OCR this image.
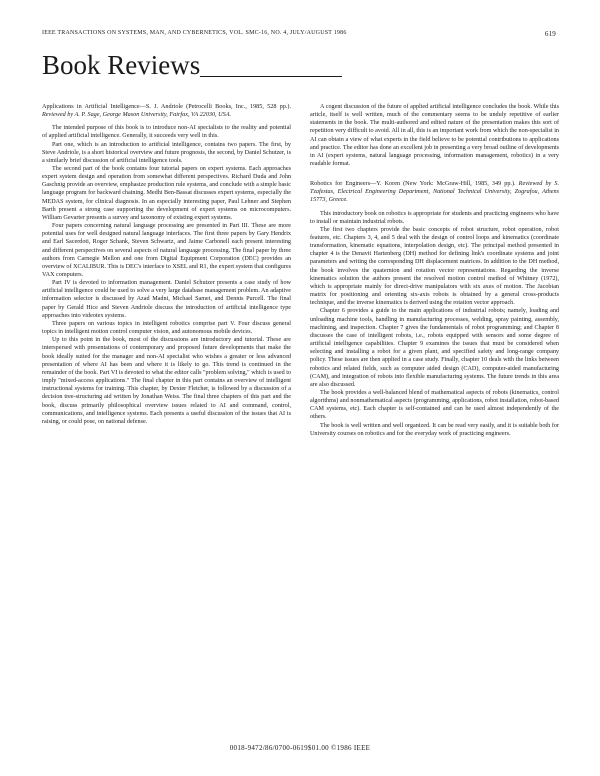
IEEE TRANSACTIONS ON SYSTEMS, MAN, AND CYBERNETICS, VOL. SMC-16, NO. 4, JULY/AUGUST 1986	619
Book Reviews
Applications in Artificial Intelligence—S. J. Andriole (Petrocelli Books, Inc., 1985, 528 pp.). Reviewed by A. P. Sage, George Mason University, Fairfax, VA 22030, USA.

The intended purpose of this book is to introduce non-AI specialists to the reality and potential of applied artificial intelligence. Generally, it succeeds very well in this.

Part one, which is an introduction to artificial intelligence, contains two papers. The first, by Steve Andriole, is a short historical overview and future prognosis, the second, by Daniel Schutzer, is a similarly brief discussion of artificial intelligence tools.

The second part of the book contains four tutorial papers on expert systems. Each approaches expert system design and operation from somewhat different perspectives. Richard Duda and John Gaschnig provide an overview, emphasize production rule systems, and conclude with a simple basic language program for backward chaining. Medhi Ben-Bassat discusses expert systems, especially the MEDAS system, for clinical diagnosis. In an especially interesting paper, Paul Lehner and Stephen Barth present a strong case supporting the development of expert systems on microcomputers. William Gevarter presents a survey and taxonomy of existing expert systems.

Four papers concerning natural language processing are presented in Part III. These are more potential uses for well designed natural language interfaces. The first three papers by Gary Hendrix and Earl Sacerdoti, Roger Schank, Steven Schwartz, and Jaime Carbonell each present interesting and different perspectives on several aspects of natural language processing. The final paper by three authors from Carnegie Mellon and one from Digital Equipment Corporation (DEC) provides an overview of XCALIBUR. This is DEC's interface to XSEL and R1, the expert system that configures VAX computers.

Part IV is devoted to information management. Daniel Schutzer presents a case study of how artificial intelligence could be used to solve a very large database management problem. An adaptive information selector is discussed by Azad Madni, Michael Samet, and Dennis Purcell. The final paper by Gerald Hice and Steven Andriole discuss the introduction of artificial intelligence type approaches into videotex systems.

Three papers on various topics in intelligent robotics comprise part V. Four discuss general topics in intelligent motion control computer vision, and autonomous mobile devices.

Up to this point in the book, most of the discussions are introductory and tutorial. These are interspersed with presentations of contemporary and proposed future developments that make the book ideally suited for the manager and non-AI specialist who wishes a greater or less advanced presentation of where AI has been and where it is likely to go. This trend is continued in the remainder of the book. Part VI is devoted to what the editor calls "problem solving," which is used to imply "mixed-access applications." The final chapter in this part contains an overview of intelligent instructional systems for training. This chapter, by Dexter Fletcher, is followed by a discussion of a decision tree-structuring aid written by Jonathan Weiss. The final three chapters of this part and the book, discuss primarily philosophical overview issues related to AI and command, control, communications, and intelligence systems. Each presents a useful discussion of the issues that AI is raising, or could pose, on national defense.

A cogent discussion of the future of applied artificial intelligence concludes the book. While this article, itself is well written, much of the commentary seems to be unduly repetitive of earlier statements in the book. The multi-authored and edited nature of the presentation makes this sort of repetition very difficult to avoid. All in all, this is an important work from which the non-specialist in AI can obtain a view of what experts in the field believe to be potential contributions to applications and practice. The editor has done an excellent job in presenting a very broad outline of developments in AI (expert systems, natural language processing, information management, robotics) in a very readable format.

Robotics for Engineers—Y. Koren (New York: McGraw-Hill, 1985, 349 pp.). Reviewed by S. Tzafestas, Electrical Engineering Department, National Technical University, Zografou, Athens 15773, Greece.

This introductory book on robotics is appropriate for students and practicing engineers who have to install or maintain industrial robots.

The first two chapters provide the basic concepts of robot structure, robot operation, robot features, etc. Chapters 3, 4, and 5 deal with the design of control loops and kinematics (coordinate transformation, kinematic equations, interpolation design, etc). The principal method presented in chapter 4 is the Denavit Hartenberg (DH) method for defining link's coordinate systems and joint parameters and writing the corresponding DH displacement matrices. In addition to the DH method, the book involves the quaternion and rotation vector representations. Regarding the inverse kinematics solution the authors present the resolved motion control method of Whitney (1972), which is appropriate mainly for direct-drive manipulators with six axes of motion. The Jacobian matrix for positioning and orienting six-axis robots is obtained by a general cross-products technique, and the inverse kinematics is derived using the rotation vector approach.

Chapter 6 provides a guide to the main applications of industrial robots; namely, loading and unloading machine tools, handling in manufacturing processes, welding, spray painting, assembly, machining, and inspection. Chapter 7 gives the fundamentals of robot programming; and Chapter 8 discusses the case of intelligent robots, i.e., robots equipped with sensors and some degree of artificial intelligence capabilities. Chapter 9 examines the issues that must be considered when selecting and installing a robot for a given plant, and specified safety and long-range company policy. These issues are then applied in a case study. Finally, chapter 10 deals with the links between robotics and related fields, such as computer aided design (CAD), computer-aided manufacturing (CAM), and integration of robots into flexible manufacturing systems. The future trends in this area are also discussed.

The book provides a well-balanced blend of mathematical aspects of robots (kinematics, control algorithms) and nonmathematical aspects (programming, applications, robot installation, robot-based CAM systems, etc). Each chapter is self-contained and can be used almost independently of the others.

The book is well written and well organized. It can be read very easily, and it is suitable both for University courses on robotics and for the everyday work of practicing engineers.

0018-9472/86/0700-0619$01.00 ©1986 IEEE
